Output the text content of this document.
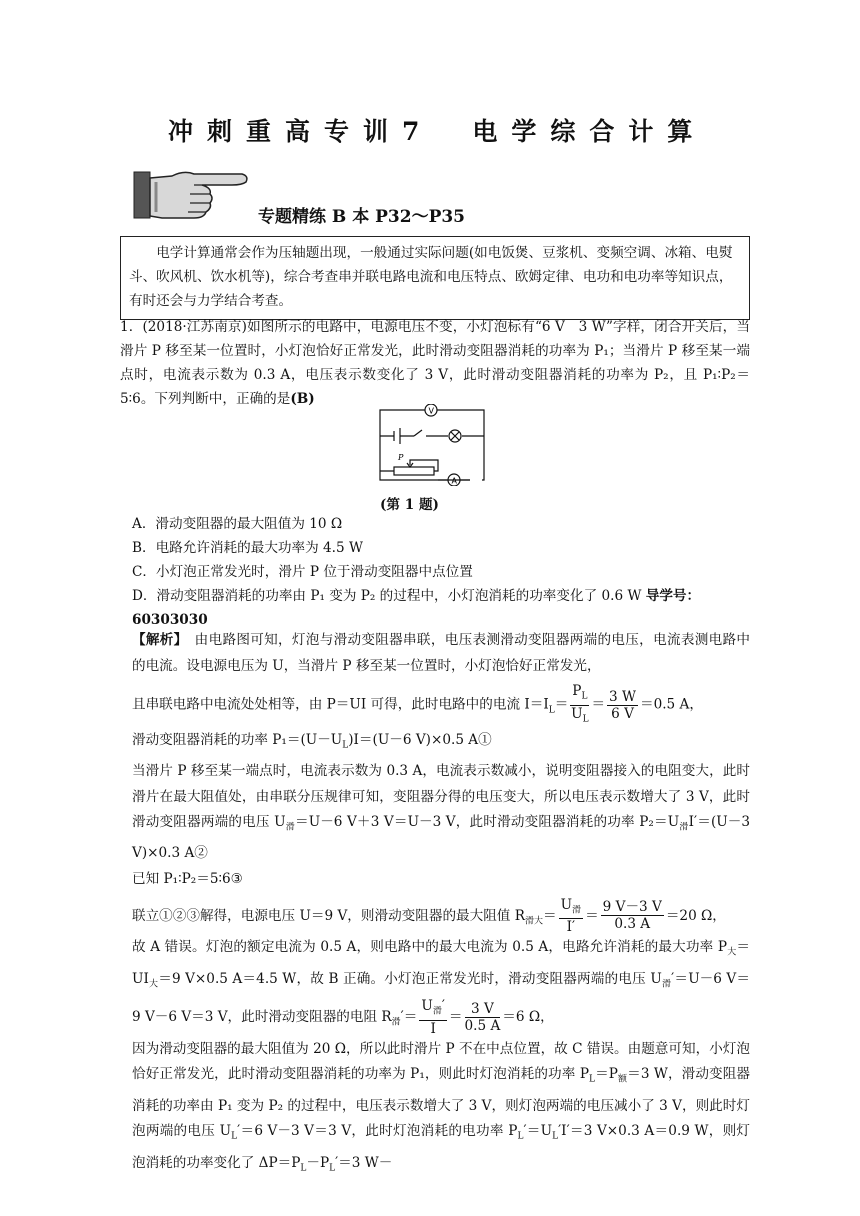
冲刺重高专训7　电学综合计算
专题精练 B 本 P32～P35
电学计算通常会作为压轴题出现，一般通过实际问题(如电饭煲、豆浆机、变频空调、冰箱、电熨斗、吹风机、饮水机等)，综合考查串并联电路电流和电压特点、欧姆定律、电功和电功率等知识点，有时还会与力学结合考查。
1．(2018·江苏南京)如图所示的电路中，电源电压不变，小灯泡标有“6 V　3 W”字样，闭合开关后，当滑片 P 移至某一位置时，小灯泡恰好正常发光，此时滑动变阻器消耗的功率为 P₁；当滑片 P 移至某一端点时，电流表示数为 0.3 A，电压表示数变化了 3 V，此时滑动变阻器消耗的功率为 P₂，且 P₁∶P₂＝5∶6。下列判断中，正确的是(B)
V
A
P
(第 1 题)
A．滑动变阻器的最大阻值为 10 Ω
B．电路允许消耗的最大功率为 4.5 W
C．小灯泡正常发光时，滑片 P 位于滑动变阻器中点位置
D．滑动变阻器消耗的功率由 P₁ 变为 P₂ 的过程中，小灯泡消耗的功率变化了 0.6 W 导学号：
60303030

【解析】　 由电路图可知，灯泡与滑动变阻器串联，电压表测滑动变阻器两端的电压，电流表测电路中的电流。设电源电压为 U，当滑片 P 移至某一位置时，小灯泡恰好正常发光，

且串联电路中电流处处相等，由 P＝UI 可得，此时电路中的电流 $I=I_L= \frac{P_L}{U_L} = \frac{3 W}{6 V} =0.5$ A，

滑动变阻器消耗的功率 $P_1=(U-U_L)I=(U-6$ V)×0.5 A①

当滑片 P 移至某一端点时，电流表示数为 0.3 A，电流表示数减小，说明变阻器接入的电阻变大，此时滑片在最大阻值处，由串联分压规律可知，变阻器分得的电压变大，所以电压表示数增大了 3 V，此时滑动变阻器两端的电压 $U_滑=U-6$ V＋3 V＝U－3 V，此时滑动变阻器消耗的功率 $P_2=U_滑I'=(U-3$ V)×0.3 A②

已知 P₁∶P₂＝5∶6③

联立①②③解得，电源电压 U＝9 V，则滑动变阻器的最大阻值 $R_{滑大}= \frac{U_滑}{I'} = \frac{9 V-3 V}{0.3 A} =20$ Ω，

故 A 错误。灯泡的额定电流为 0.5 A，则电路中的最大电流为 0.5 A，电路允许消耗的最大功率 $P_大=UI_大=9$ V×0.5 A＝4.5 W，故 B 正确。小灯泡正常发光时，滑动变阻器两端的电压 $U_滑'=U-6$ V＝9 V－6 V＝3 V，此时滑动变阻器的电阻 $R_滑'= \frac{U_滑'}{I} = \frac{3 V}{0.5 A} =6$ Ω，

因为滑动变阻器的最大阻值为 20 Ω，所以此时滑片 P 不在中点位置，故 C 错误。由题意可知，小灯泡恰好正常发光，此时滑动变阻器消耗的功率为 P₁，则此时灯泡消耗的功率 $P_L=P_额=3$ W，滑动变阻器消耗的功率由 P₁ 变为 P₂ 的过程中，电压表示数增大了 3 V，则灯泡两端的电压减小了 3 V，则此时灯泡两端的电压 $U_L'=6$ V－3 V＝3 V，此时灯泡消耗的电功率 $P_L'=U_L'I'=3$ V×0.3 A＝0.9 W，则灯泡消耗的功率变化了 $\Delta P=P_L-P_L'=3$ W－
